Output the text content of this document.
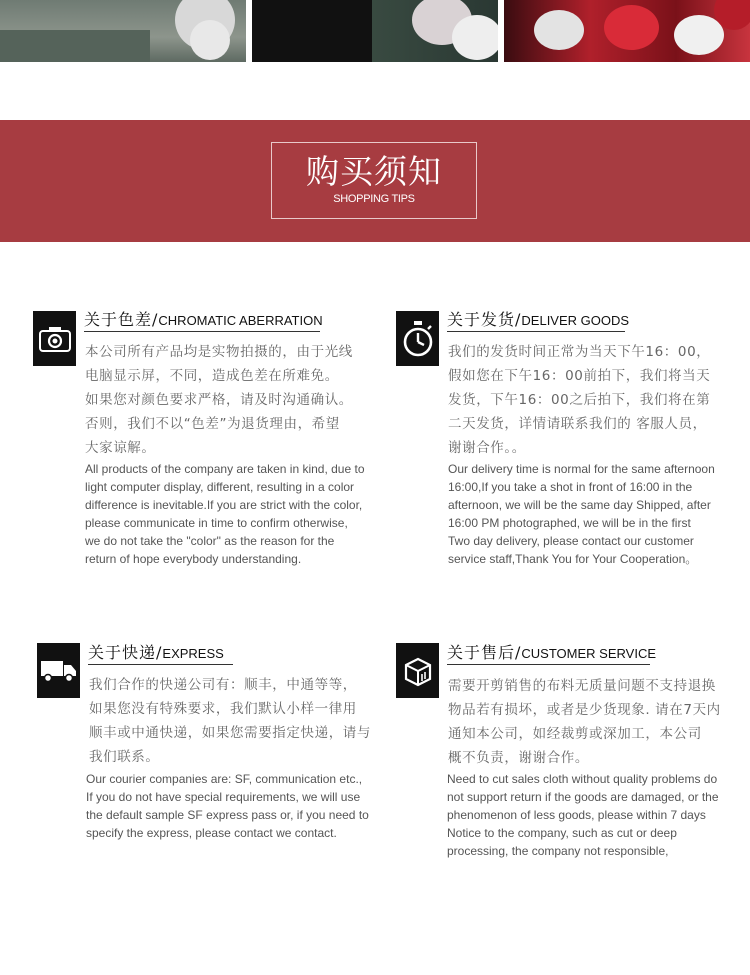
购买须知
SHOPPING TIPS
关于色差/CHROMATIC ABERRATION
本公司所有产品均是实物拍摄的，由于光线
电脑显示屏，不同，造成色差在所难免。
如果您对颜色要求严格，请及时沟通确认。
否则，我们不以“色差”为退货理由，希望
大家谅解。
All products of the company are taken in kind, due to
light computer display, different, resulting in a color
difference is inevitable.If you are strict with the color,
please communicate in time to confirm otherwise,
we do not take the "color" as the reason for the
return of hope everybody understanding.
关于发货/DELIVER GOODS
我们的发货时间正常为当天下午16：00，
假如您在下午16：00前拍下，我们将当天
发货，下午16：00之后拍下，我们将在第
二天发货，详情请联系我们的 客服人员，
谢谢合作。。
Our delivery time is normal for the same afternoon
16:00,If you take a shot in front of 16:00 in the
afternoon, we will be the same day Shipped, after
16:00 PM photographed, we will be in the first
Two day delivery, please contact our customer
service staff,Thank You for Your Cooperation。
关于快递/EXPRESS
我们合作的快递公司有：顺丰，中通等等，
如果您没有特殊要求，我们默认小样一律用
顺丰或中通快递，如果您需要指定快递，请与
我们联系。
Our courier companies are: SF, communication etc.,
If you do not have special requirements, we will use
the default sample SF express pass or, if you need to
specify the express, please contact we contact.
关于售后/CUSTOMER SERVICE
需要开剪销售的布料无质量问题不支持退换
物品若有损坏，或者是少货现象. 请在7天内
通知本公司，如经裁剪或深加工，本公司
概不负责，谢谢合作。
Need to cut sales cloth without quality problems do
not support return if the goods are damaged, or the
phenomenon of less goods, please within 7 days
Notice to the company, such as cut or deep
processing, the company not responsible,
